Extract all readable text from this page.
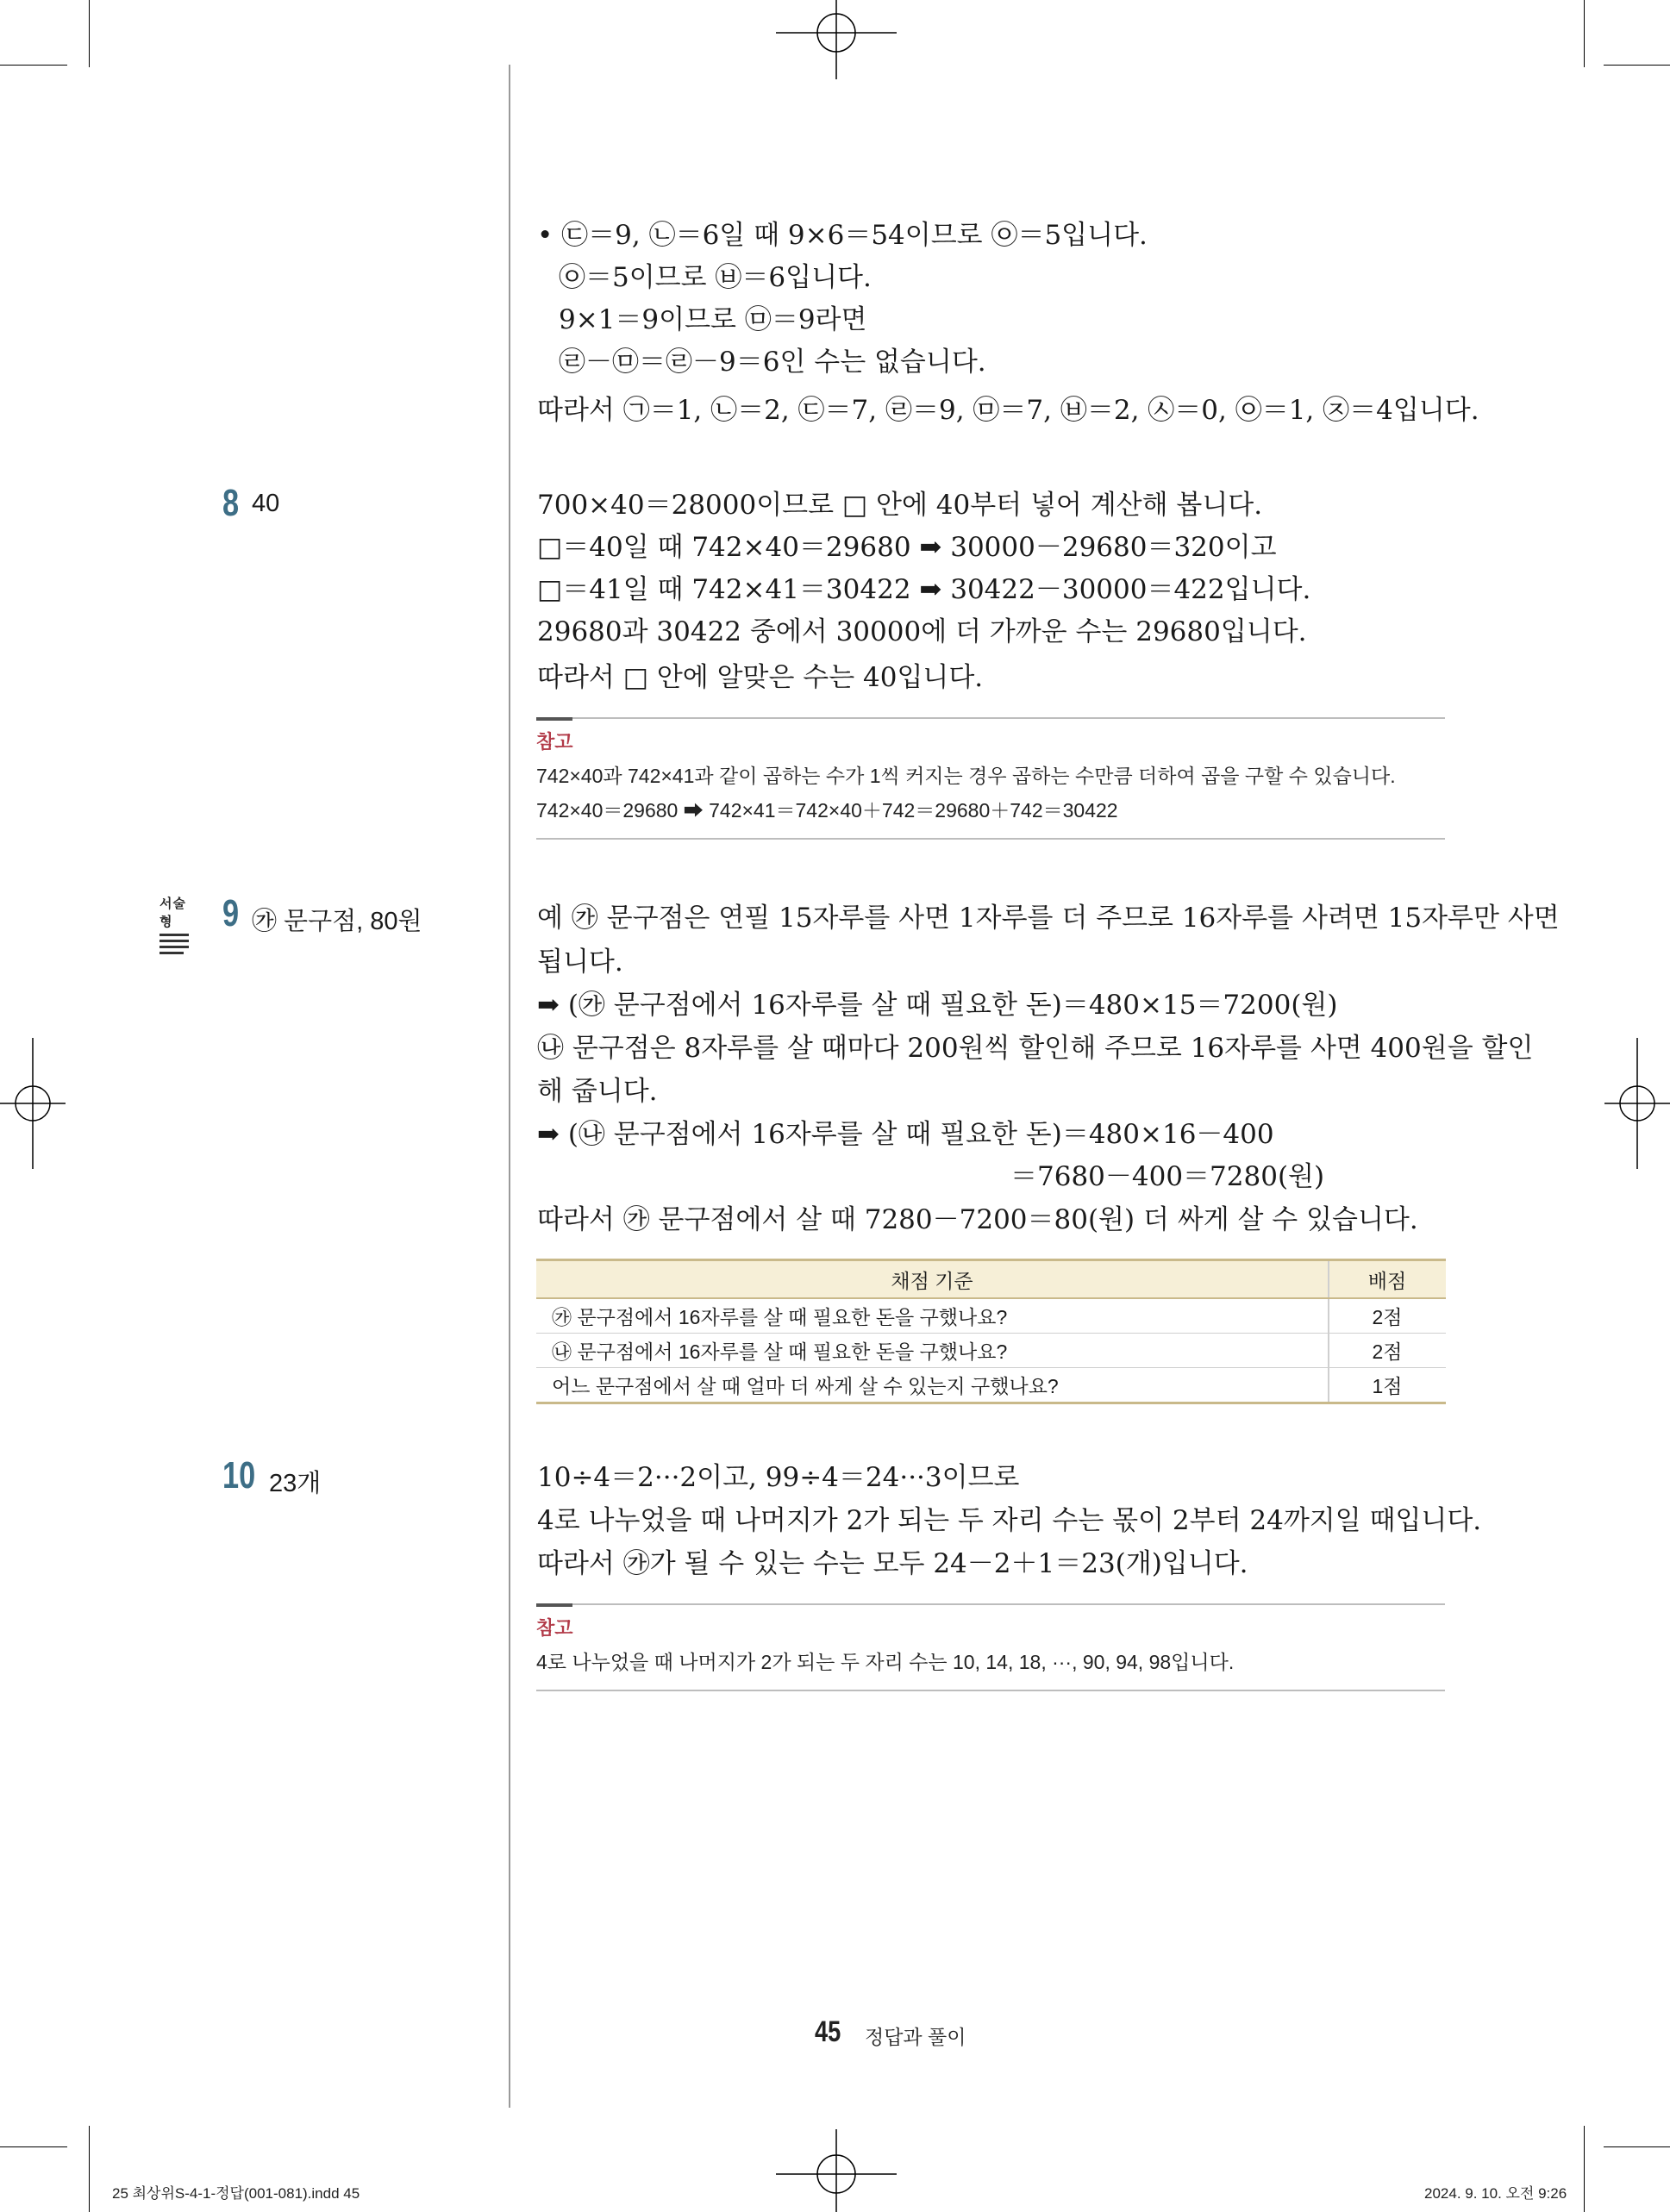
• ㉢＝9, ㉡＝6일 때 9×6＝54이므로 ㉧＝5입니다.
㉧＝5이므로 ㉥＝6입니다.
9×1＝9이므로 ㉤＝9라면
㉣－㉤＝㉣－9＝6인 수는 없습니다.
따라서 ㉠＝1, ㉡＝2, ㉢＝7, ㉣＝9, ㉤＝7, ㉥＝2, ㉦＝0, ㉧＝1, ㉨＝4입니다.
8 40	700×40＝28000이므로 □ 안에 40부터 넣어 계산해 봅니다.
□＝40일 때 742×40＝29680 ➡ 30000－29680＝320이고
□＝41일 때 742×41＝30422 ➡ 30422－30000＝422입니다.
29680과 30422 중에서 30000에 더 가까운 수는 29680입니다.
따라서 □ 안에 알맞은 수는 40입니다.
참고
742×40과 742×41과 같이 곱하는 수가 1씩 커지는 경우 곱하는 수만큼 더하여 곱을 구할 수 있습니다.
742×40＝29680 ➡ 742×41＝742×40＋742＝29680＋742＝30422
서술형	9 ㉮ 문구점, 80원	예 ㉮ 문구점은 연필 15자루를 사면 1자루를 더 주므로 16자루를 사려면 15자루만 사면
됩니다.
➡ (㉮ 문구점에서 16자루를 살 때 필요한 돈)＝480×15＝7200(원)
㉯ 문구점은 8자루를 살 때마다 200원씩 할인해 주므로 16자루를 사면 400원을 할인
해 줍니다.
➡ (㉯ 문구점에서 16자루를 살 때 필요한 돈)＝480×16－400
＝7680－400＝7280(원)
따라서 ㉮ 문구점에서 살 때 7280－7200＝80(원) 더 싸게 살 수 있습니다.
채점 기준	배점
㉮ 문구점에서 16자루를 살 때 필요한 돈을 구했나요?	2점
㉯ 문구점에서 16자루를 살 때 필요한 돈을 구했나요?	2점
어느 문구점에서 살 때 얼마 더 싸게 살 수 있는지 구했나요?	1점
10 23개	10÷4＝2···2이고, 99÷4＝24···3이므로
4로 나누었을 때 나머지가 2가 되는 두 자리 수는 몫이 2부터 24까지일 때입니다.
따라서 ㉮가 될 수 있는 수는 모두 24－2＋1＝23(개)입니다.
참고
4로 나누었을 때 나머지가 2가 되는 두 자리 수는 10, 14, 18, ···, 90, 94, 98입니다.
45 정답과 풀이
25 최상위S-4-1-정답(001-081).indd 45	2024. 9. 10. 오전 9:26
